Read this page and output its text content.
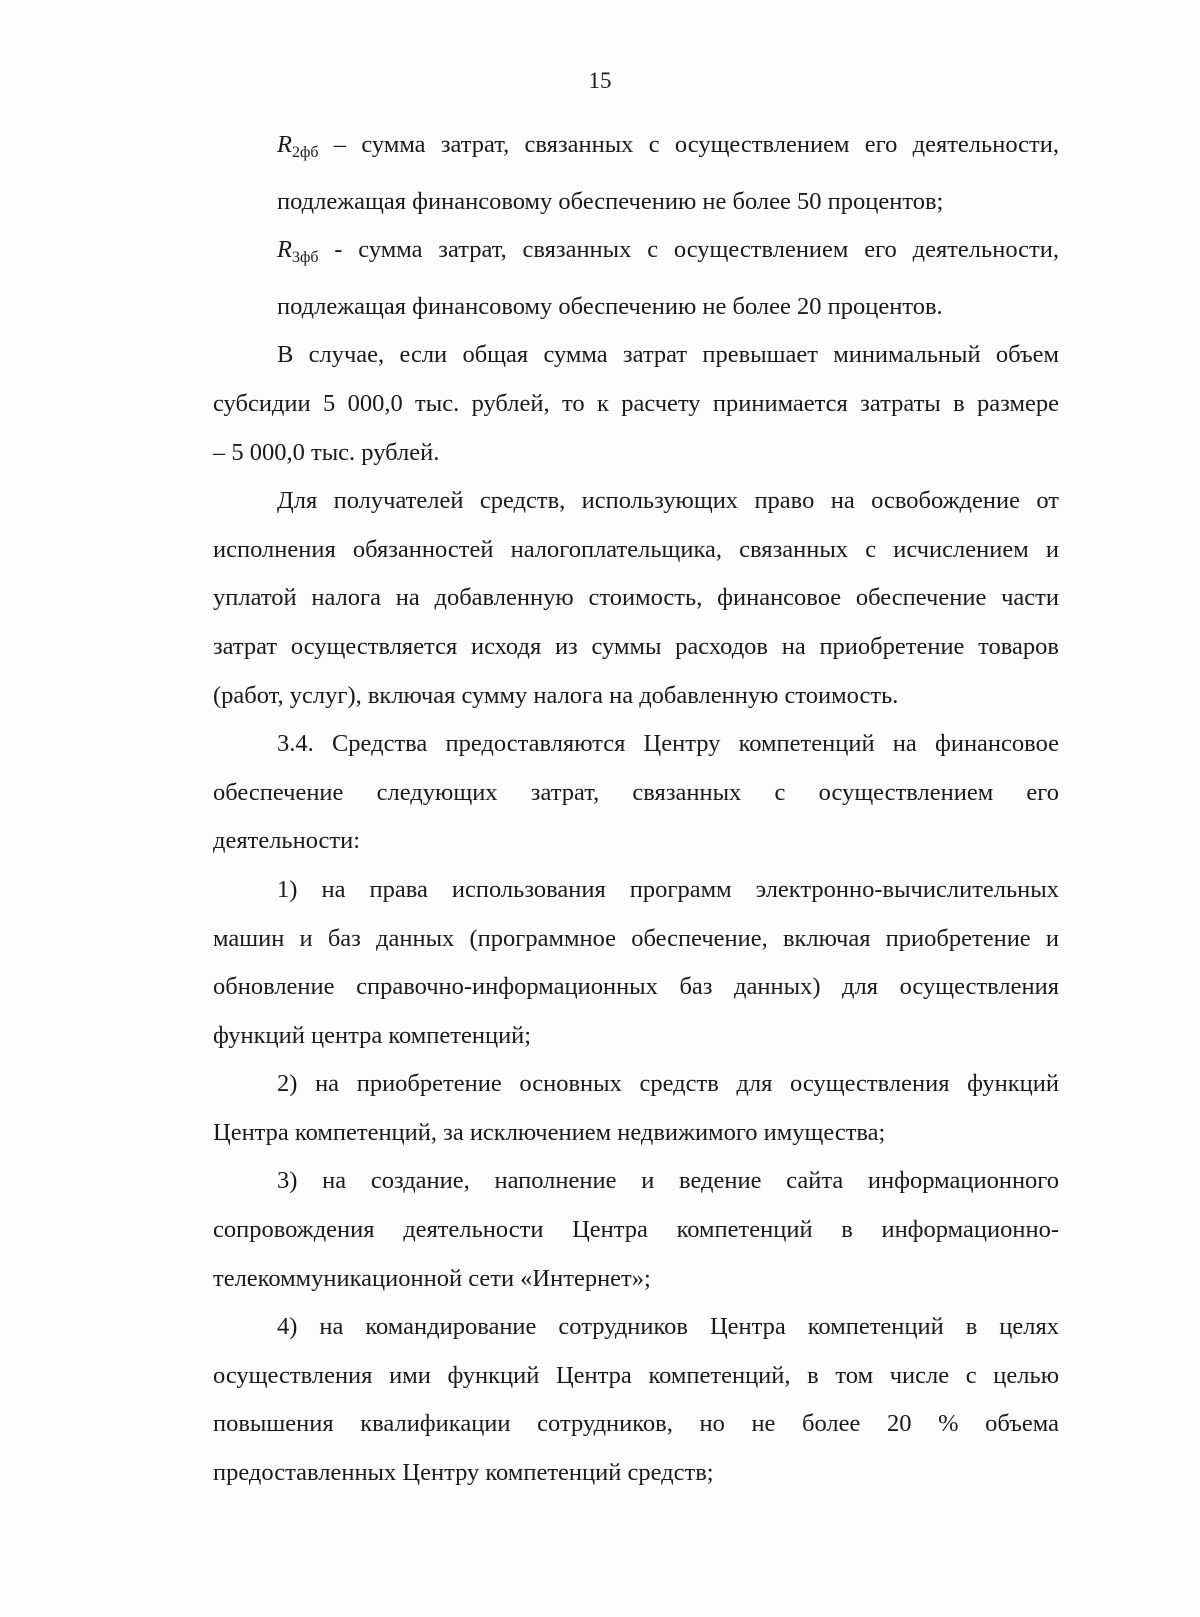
15
$R_{2фб}$ – сумма затрат, связанных с осуществлением его деятельности,
подлежащая финансовому обеспечению не более 50 процентов;
$R_{3фб}$ - сумма затрат, связанных с осуществлением его деятельности,
подлежащая финансовому обеспечению не более 20 процентов.
В случае, если общая сумма затрат превышает минимальный объем
субсидии 5 000,0 тыс. рублей, то к расчету принимается затраты в размере
– 5 000,0 тыс. рублей.
Для получателей средств, использующих право на освобождение от
исполнения обязанностей налогоплательщика, связанных с исчислением и
уплатой налога на добавленную стоимость, финансовое обеспечение части
затрат осуществляется исходя из суммы расходов на приобретение товаров
(работ, услуг), включая сумму налога на добавленную стоимость.
3.4. Средства предоставляются Центру компетенций на финансовое
обеспечение следующих затрат, связанных с осуществлением его
деятельности:
1) на права использования программ электронно-вычислительных
машин и баз данных (программное обеспечение, включая приобретение и
обновление справочно-информационных баз данных) для осуществления
функций центра компетенций;
2) на приобретение основных средств для осуществления функций
Центра компетенций, за исключением недвижимого имущества;
3) на создание, наполнение и ведение сайта информационного
сопровождения деятельности Центра компетенций в информационно-
телекоммуникационной сети «Интернет»;
4) на командирование сотрудников Центра компетенций в целях
осуществления ими функций Центра компетенций, в том числе с целью
повышения квалификации сотрудников, но не более 20 % объема
предоставленных Центру компетенций средств;
